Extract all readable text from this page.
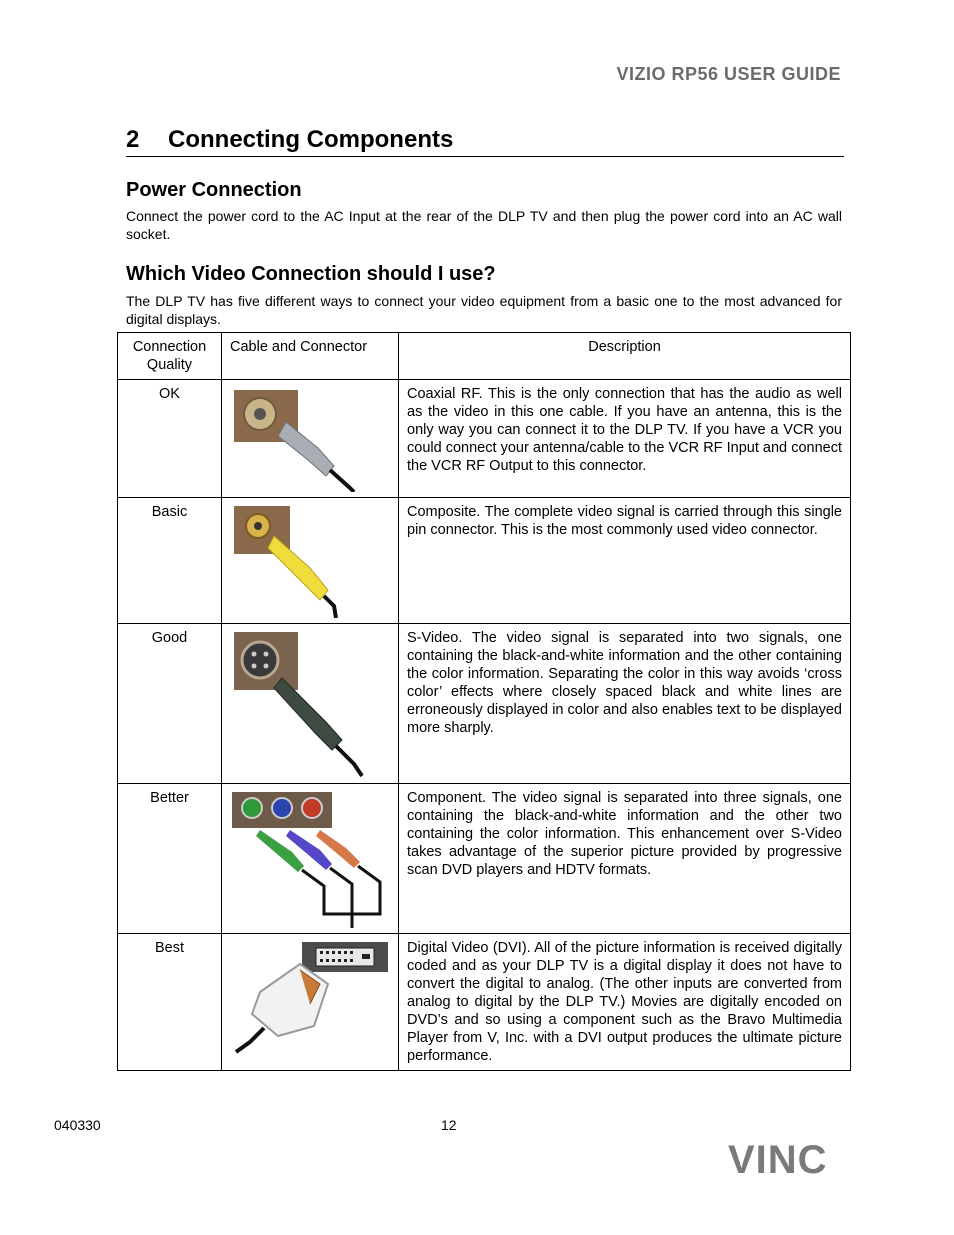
VIZIO RP56 USER GUIDE
2 Connecting Components
Power Connection
Connect the power cord to the AC Input at the rear of the DLP TV and then plug the power cord into an AC wall socket.
Which Video Connection should I use?
The DLP TV has five different ways to connect your video equipment from a basic one to the most advanced for digital displays.
Connection Quality	Cable and Connector	Description
OK		Coaxial RF. This is the only connection that has the audio as well as the video in this one cable. If you have an antenna, this is the only way you can connect it to the DLP TV. If you have a VCR you could connect your antenna/cable to the VCR RF Input and connect the VCR RF Output to this connector.
Basic		Composite. The complete video signal is carried through this single pin connector. This is the most commonly used video connector.
Good		S-Video. The video signal is separated into two signals, one containing the black-and-white information and the other containing the color information. Separating the color in this way avoids ‘cross color’ effects where closely spaced black and white lines are erroneously displayed in color and also enables text to be displayed more sharply.
Better		Component. The video signal is separated into three signals, one containing the black-and-white information and the other two containing the color information. This enhancement over S-Video takes advantage of the superior picture provided by progressive scan DVD players and HDTV formats.
Best		Digital Video (DVI). All of the picture information is received digitally coded and as your DLP TV is a digital display it does not have to convert the digital to analog. (The other inputs are converted from analog to digital by the DLP TV.) Movies are digitally encoded on DVD’s and so using a component such as the Bravo Multimedia Player from V, Inc. with a DVI output produces the ultimate picture performance.
040330	12
VINC
